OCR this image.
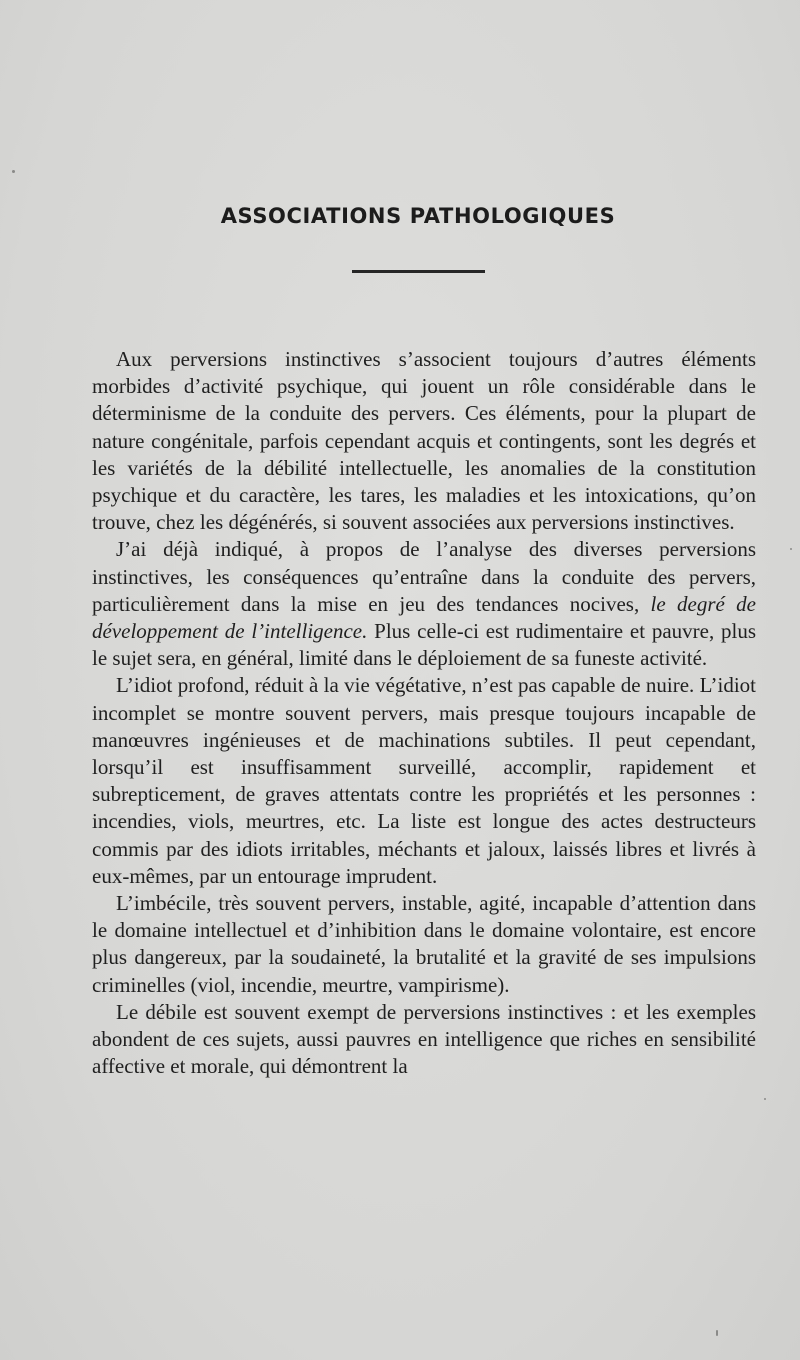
ASSOCIATIONS PATHOLOGIQUES

Aux perversions instinctives s’associent toujours d’autres éléments morbides d’activité psychique, qui jouent un rôle considérable dans le déterminisme de la conduite des pervers. Ces éléments, pour la plupart de nature congénitale, parfois cependant acquis et contingents, sont les degrés et les variétés de la débilité intellectuelle, les anomalies de la constitution psychique et du caractère, les tares, les maladies et les intoxications, qu’on trouve, chez les dégénérés, si souvent associées aux perversions instinctives.

J’ai déjà indiqué, à propos de l’analyse des diverses perversions instinctives, les conséquences qu’entraîne dans la conduite des pervers, particulièrement dans la mise en jeu des tendances nocives, le degré de développement de l’intelligence. Plus celle-ci est rudimentaire et pauvre, plus le sujet sera, en général, limité dans le déploiement de sa funeste activité.

L’idiot profond, réduit à la vie végétative, n’est pas capable de nuire. L’idiot incomplet se montre souvent pervers, mais presque toujours incapable de manœuvres ingénieuses et de machinations subtiles. Il peut cependant, lorsqu’il est insuffisamment surveillé, accomplir, rapidement et subrepticement, de graves attentats contre les propriétés et les personnes : incendies, viols, meurtres, etc. La liste est longue des actes destructeurs commis par des idiots irritables, méchants et jaloux, laissés libres et livrés à eux-mêmes, par un entourage imprudent.

L’imbécile, très souvent pervers, instable, agité, incapable d’attention dans le domaine intellectuel et d’inhibition dans le domaine volontaire, est encore plus dangereux, par la soudaineté, la brutalité et la gravité de ses impulsions criminelles (viol, incendie, meurtre, vampirisme).

Le débile est souvent exempt de perversions instinctives : et les exemples abondent de ces sujets, aussi pauvres en intelligence que riches en sensibilité affective et morale, qui démontrent la
